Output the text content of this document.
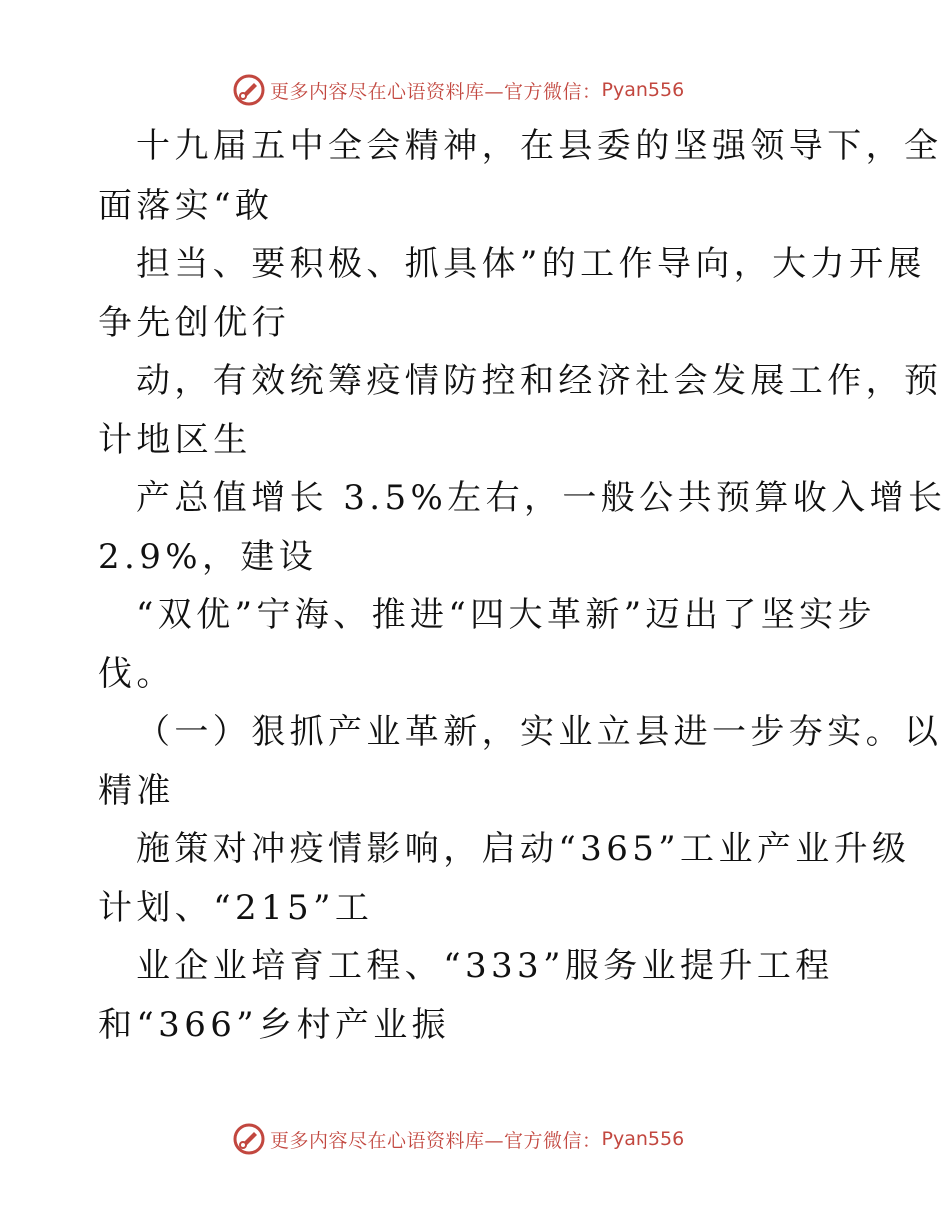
更多内容尽在心语资料库—官方微信： Pyan556
十九届五中全会精神，在县委的坚强领导下，全
面落实“敢
担当、要积极、抓具体”的工作导向，大力开展
争先创优行
动，有效统筹疫情防控和经济社会发展工作，预
计地区生
产总值增长 3.5%左右，一般公共预算收入增长
2.9%，建设
“双优”宁海、推进“四大革新”迈出了坚实步
伐。
（一）狠抓产业革新，实业立县进一步夯实。以
精准
施策对冲疫情影响，启动“365”工业产业升级
计划、“215”工
业企业培育工程、“333”服务业提升工程
和“366”乡村产业振
更多内容尽在心语资料库—官方微信： Pyan556
